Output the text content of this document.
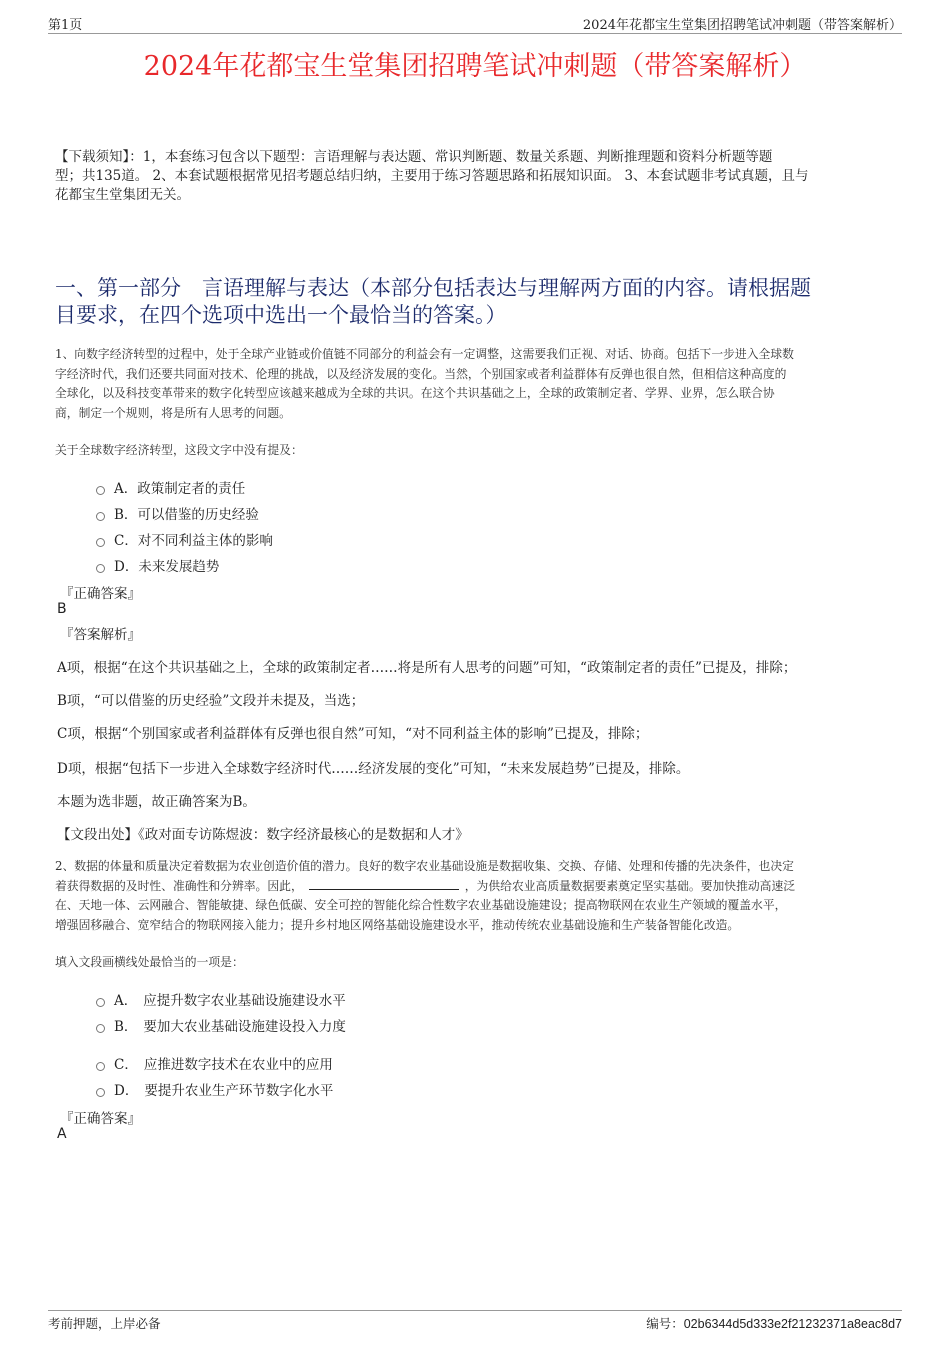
第1页	2024年花都宝生堂集团招聘笔试冲刺题（带答案解析）
2024年花都宝生堂集团招聘笔试冲刺题（带答案解析）
【下载须知】：1，本套练习包含以下题型：言语理解与表达题、常识判断题、数量关系题、判断推理题和资料分析题等题
型；共135道。 2、本套试题根据常见招考题总结归纳，主要用于练习答题思路和拓展知识面。 3、本套试题非考试真题，且与
花都宝生堂集团无关。
一、第一部分　言语理解与表达（本部分包括表达与理解两方面的内容。请根据题
目要求，在四个选项中选出一个最恰当的答案。）
1、向数字经济转型的过程中，处于全球产业链或价值链不同部分的利益会有一定调整，这需要我们正视、对话、协商。包括下一步进入全球数
字经济时代，我们还要共同面对技术、伦理的挑战，以及经济发展的变化。当然，个别国家或者利益群体有反弹也很自然，但相信这种高度的
全球化，以及科技变革带来的数字化转型应该越来越成为全球的共识。在这个共识基础之上，全球的政策制定者、学界、业界，怎么联合协
商，制定一个规则，将是所有人思考的问题。
关于全球数字经济转型，这段文字中没有提及：
A．政策制定者的责任
B．可以借鉴的历史经验
C．对不同利益主体的影响
D．未来发展趋势
『正确答案』
B
『答案解析』
A项，根据“在这个共识基础之上，全球的政策制定者……将是所有人思考的问题”可知，“政策制定者的责任”已提及，排除；
B项，“可以借鉴的历史经验”文段并未提及，当选；
C项，根据“个别国家或者利益群体有反弹也很自然”可知，“对不同利益主体的影响”已提及，排除；
D项，根据“包括下一步进入全球数字经济时代……经济发展的变化”可知，“未来发展趋势”已提及，排除。
本题为选非题，故正确答案为B。
【文段出处】《政对面专访陈煜波：数字经济最核心的是数据和人才》
2、数据的体量和质量决定着数据为农业创造价值的潜力。良好的数字农业基础设施是数据收集、交换、存储、处理和传播的先决条件，也决定
着获得数据的及时性、准确性和分辨率。因此，	，为供给农业高质量数据要素奠定坚实基础。要加快推动高速泛
在、天地一体、云网融合、智能敏捷、绿色低碳、安全可控的智能化综合性数字农业基础设施建设；提高物联网在农业生产领域的覆盖水平，
增强固移融合、宽窄结合的物联网接入能力；提升乡村地区网络基础设施建设水平，推动传统农业基础设施和生产装备智能化改造。
填入文段画横线处最恰当的一项是：
A． 应提升数字农业基础设施建设水平
B． 要加大农业基础设施建设投入力度
C． 应推进数字技术在农业中的应用
D． 要提升农业生产环节数字化水平
『正确答案』
A
考前押题，上岸必备	编号：02b6344d5d333e2f21232371a8eac8d7
